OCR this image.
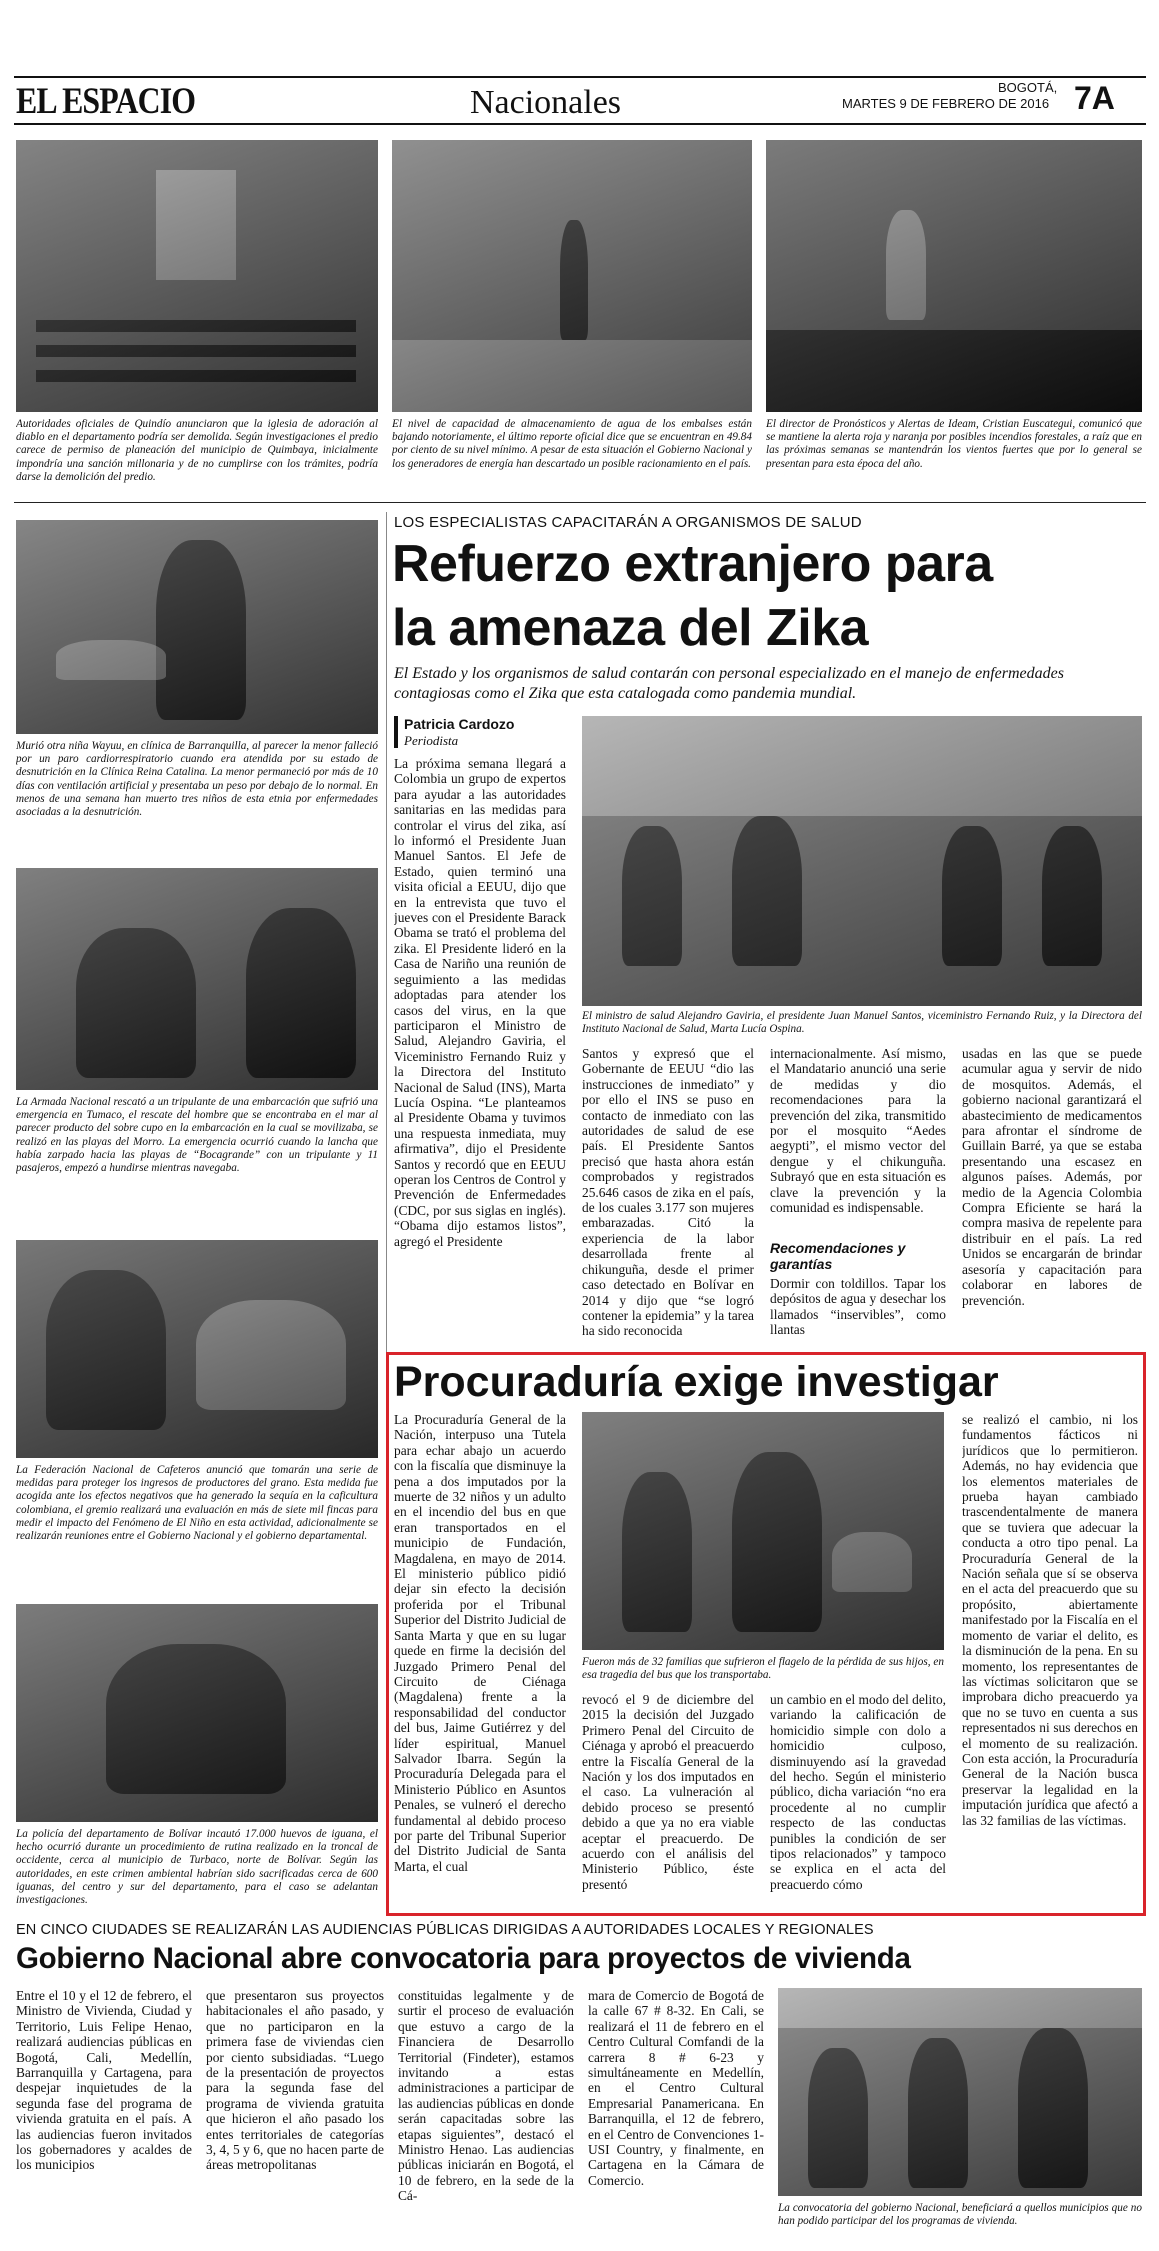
EL ESPACIO	Nacionales	BOGOTÁ,
MARTES 9 DE FEBRERO DE 2016 7A
Autoridades oficiales de Quindío anunciaron que la iglesia de adoración al diablo en el departamento podría ser demolida. Según investigaciones el predio carece de permiso de planeación del municipio de Quimbaya, inicialmente impondría una sanción millonaria y de no cumplirse con los trámites, podría darse la demolición del predio.
El nivel de capacidad de almacenamiento de agua de los embalses están bajando notoriamente, el último reporte oficial dice que se encuentran en 49.84 por ciento de su nivel mínimo. A pesar de esta situación el Gobierno Nacional y los generadores de energía han descartado un posible racionamiento en el país.
El director de Pronósticos y Alertas de Ideam, Cristian Euscategui, comunicó que se mantiene la alerta roja y naranja por posibles incendios forestales, a raíz que en las próximas semanas se mantendrán los vientos fuertes que por lo general se presentan para esta época del año.
Murió otra niña Wayuu, en clínica de Barranquilla, al parecer la menor falleció por un paro cardiorrespiratorio cuando era atendida por su estado de desnutrición en la Clínica Reina Catalina. La menor permaneció por más de 10 días con ventilación artificial y presentaba un peso por debajo de lo normal. En menos de una semana han muerto tres niños de esta etnia por enfermedades asociadas a la desnutrición.
La Armada Nacional rescató a un tripulante de una embarcación que sufrió una emergencia en Tumaco, el rescate del hombre que se encontraba en el mar al parecer producto del sobre cupo en la embarcación en la cual se movilizaba, se realizó en las playas del Morro. La emergencia ocurrió cuando la lancha que había zarpado hacia las playas de “Bocagrande” con un tripulante y 11 pasajeros, empezó a hundirse mientras navegaba.
La Federación Nacional de Cafeteros anunció que tomarán una serie de medidas para proteger los ingresos de productores del grano. Esta medida fue acogida ante los efectos negativos que ha generado la sequía en la caficultura colombiana, el gremio realizará una evaluación en más de siete mil fincas para medir el impacto del Fenómeno de El Niño en esta actividad, adicionalmente se realizarán reuniones entre el Gobierno Nacional y el gobierno departamental.
La policía del departamento de Bolívar incautó 17.000 huevos de iguana, el hecho ocurrió durante un procedimiento de rutina realizado en la troncal de occidente, cerca al municipio de Turbaco, norte de Bolívar. Según las autoridades, en este crimen ambiental habrían sido sacrificadas cerca de 600 iguanas, del centro y sur del departamento, para el caso se adelantan investigaciones.
LOS ESPECIALISTAS CAPACITARÁN A ORGANISMOS DE SALUD
Refuerzo extranjero para
la amenaza del Zika
El Estado y los organismos de salud contarán con personal especializado en el manejo de enfermedades contagiosas como el Zika que esta catalogada como pandemia mundial.
Patricia Cardozo
Periodista
La próxima semana llegará a Colombia un grupo de expertos para ayudar a las autoridades sanitarias en las medidas para controlar el virus del zika, así lo informó el Presidente Juan Manuel Santos. El Jefe de Estado, quien terminó una visita oficial a EEUU, dijo que en la entrevista que tuvo el jueves con el Presidente Barack Obama se trató el problema del zika. El Presidente lideró en la Casa de Nariño una reunión de seguimiento a las medidas adoptadas para atender los casos del virus, en la que participaron el Ministro de Salud, Alejandro Gaviria, el Viceministro Fernando Ruiz y la Directora del Instituto Nacional de Salud (INS), Marta Lucía Ospina. “Le planteamos al Presidente Obama y tuvimos una respuesta inmediata, muy afirmativa”, dijo el Presidente Santos y recordó que en EEUU operan los Centros de Control y Prevención de Enfermedades (CDC, por sus siglas en inglés). “Obama dijo estamos listos”, agregó el Presidente
El ministro de salud Alejandro Gaviria, el presidente Juan Manuel Santos, viceministro Fernando Ruiz, y la Directora del Instituto Nacional de Salud, Marta Lucía Ospina.
Santos y expresó que el Gobernante de EEUU “dio las instrucciones de inmediato” y por ello el INS se puso en contacto de inmediato con las autoridades de salud de ese país. El Presidente Santos precisó que hasta ahora están comprobados y registrados 25.646 casos de zika en el país, de los cuales 3.177 son mujeres embarazadas. Citó la experiencia de la labor desarrollada frente al chikunguña, desde el primer caso detectado en Bolívar en 2014 y dijo que “se logró contener la epidemia” y la tarea ha sido reconocida
internacionalmente. Así mismo, el Mandatario anunció una serie de medidas y dio recomendaciones para la prevención del zika, transmitido por el mosquito “Aedes aegypti”, el mismo vector del dengue y el chikunguña. Subrayó que en esta situación es clave la prevención y la comunidad es indispensable.
Recomendaciones y garantías
Dormir con toldillos. Tapar los depósitos de agua y desechar los llamados “inservibles”, como llantas
usadas en las que se puede acumular agua y servir de nido de mosquitos. Además, el gobierno nacional garantizará el abastecimiento de medicamentos para afrontar el síndrome de Guillain Barré, ya que se estaba presentando una escasez en algunos países. Además, por medio de la Agencia Colombia Compra Eficiente se hará la compra masiva de repelente para distribuir en el país. La red Unidos se encargarán de brindar asesoría y capacitación para colaborar en labores de prevención.
Procuraduría exige investigar
La Procuraduría General de la Nación, interpuso una Tutela para echar abajo un acuerdo con la fiscalía que disminuye la pena a dos imputados por la muerte de 32 niños y un adulto en el incendio del bus en que eran transportados en el municipio de Fundación, Magdalena, en mayo de 2014. El ministerio público pidió dejar sin efecto la decisión proferida por el Tribunal Superior del Distrito Judicial de Santa Marta y que en su lugar quede en firme la decisión del Juzgado Primero Penal del Circuito de Ciénaga (Magdalena) frente a la responsabilidad del conductor del bus, Jaime Gutiérrez y del líder espiritual, Manuel Salvador Ibarra. Según la Procuraduría Delegada para el Ministerio Público en Asuntos Penales, se vulneró el derecho fundamental al debido proceso por parte del Tribunal Superior del Distrito Judicial de Santa Marta, el cual
Fueron más de 32 familias que sufrieron el flagelo de la pérdida de sus hijos, en esa tragedia del bus que los transportaba.
revocó el 9 de diciembre del 2015 la decisión del Juzgado Primero Penal del Circuito de Ciénaga y aprobó el preacuerdo entre la Fiscalía General de la Nación y los dos imputados en el caso. La vulneración al debido proceso se presentó debido a que ya no era viable aceptar el preacuerdo. De acuerdo con el análisis del Ministerio Público, éste presentó
un cambio en el modo del delito, variando la calificación de homicidio simple con dolo a homicidio culposo, disminuyendo así la gravedad del hecho. Según el ministerio público, dicha variación “no era procedente al no cumplir respecto de las conductas punibles la condición de ser tipos relacionados” y tampoco se explica en el acta del preacuerdo cómo
se realizó el cambio, ni los fundamentos fácticos ni jurídicos que lo permitieron. Además, no hay evidencia que los elementos materiales de prueba hayan cambiado trascendentalmente de manera que se tuviera que adecuar la conducta a otro tipo penal. La Procuraduría General de la Nación señala que sí se observa en el acta del preacuerdo que su propósito, abiertamente manifestado por la Fiscalía en el momento de variar el delito, es la disminución de la pena. En su momento, los representantes de las víctimas solicitaron que se improbara dicho preacuerdo ya que no se tuvo en cuenta a sus representados ni sus derechos en el momento de su realización. Con esta acción, la Procuraduría General de la Nación busca preservar la legalidad en la imputación jurídica que afectó a las 32 familias de las víctimas.
EN CINCO CIUDADES SE REALIZARÁN LAS AUDIENCIAS PÚBLICAS DIRIGIDAS A AUTORIDADES LOCALES Y REGIONALES
Gobierno Nacional abre convocatoria para proyectos de vivienda
Entre el 10 y el 12 de febrero, el Ministro de Vivienda, Ciudad y Territorio, Luis Felipe Henao, realizará audiencias públicas en Bogotá, Cali, Medellín, Barranquilla y Cartagena, para despejar inquietudes de la segunda fase del programa de vivienda gratuita en el país. A las audiencias fueron invitados los gobernadores y acaldes de los municipios
que presentaron sus proyectos habitacionales el año pasado, y que no participaron en la primera fase de viviendas cien por ciento subsidiadas. “Luego de la presentación de proyectos para la segunda fase del programa de vivienda gratuita que hicieron el año pasado los entes territoriales de categorías 3, 4, 5 y 6, que no hacen parte de áreas metropolitanas
constituidas legalmente y de surtir el proceso de evaluación que estuvo a cargo de la Financiera de Desarrollo Territorial (Findeter), estamos invitando a estas administraciones a participar de las audiencias públicas en donde serán capacitadas sobre las etapas siguientes”, destacó el Ministro Henao. Las audiencias públicas iniciarán en Bogotá, el 10 de febrero, en la sede de la Cá-
mara de Comercio de Bogotá de la calle 67 # 8-32. En Cali, se realizará el 11 de febrero en el Centro Cultural Comfandi de la carrera 8 # 6-23 y simultáneamente en Medellín, en el Centro Cultural Empresarial Panamericana. En Barranquilla, el 12 de febrero, en el Centro de Convenciones 1-USI Country, y finalmente, en Cartagena en la Cámara de Comercio.
La convocatoria del gobierno Nacional, beneficiará a quellos municipios que no han podido participar del los programas de vivienda.
